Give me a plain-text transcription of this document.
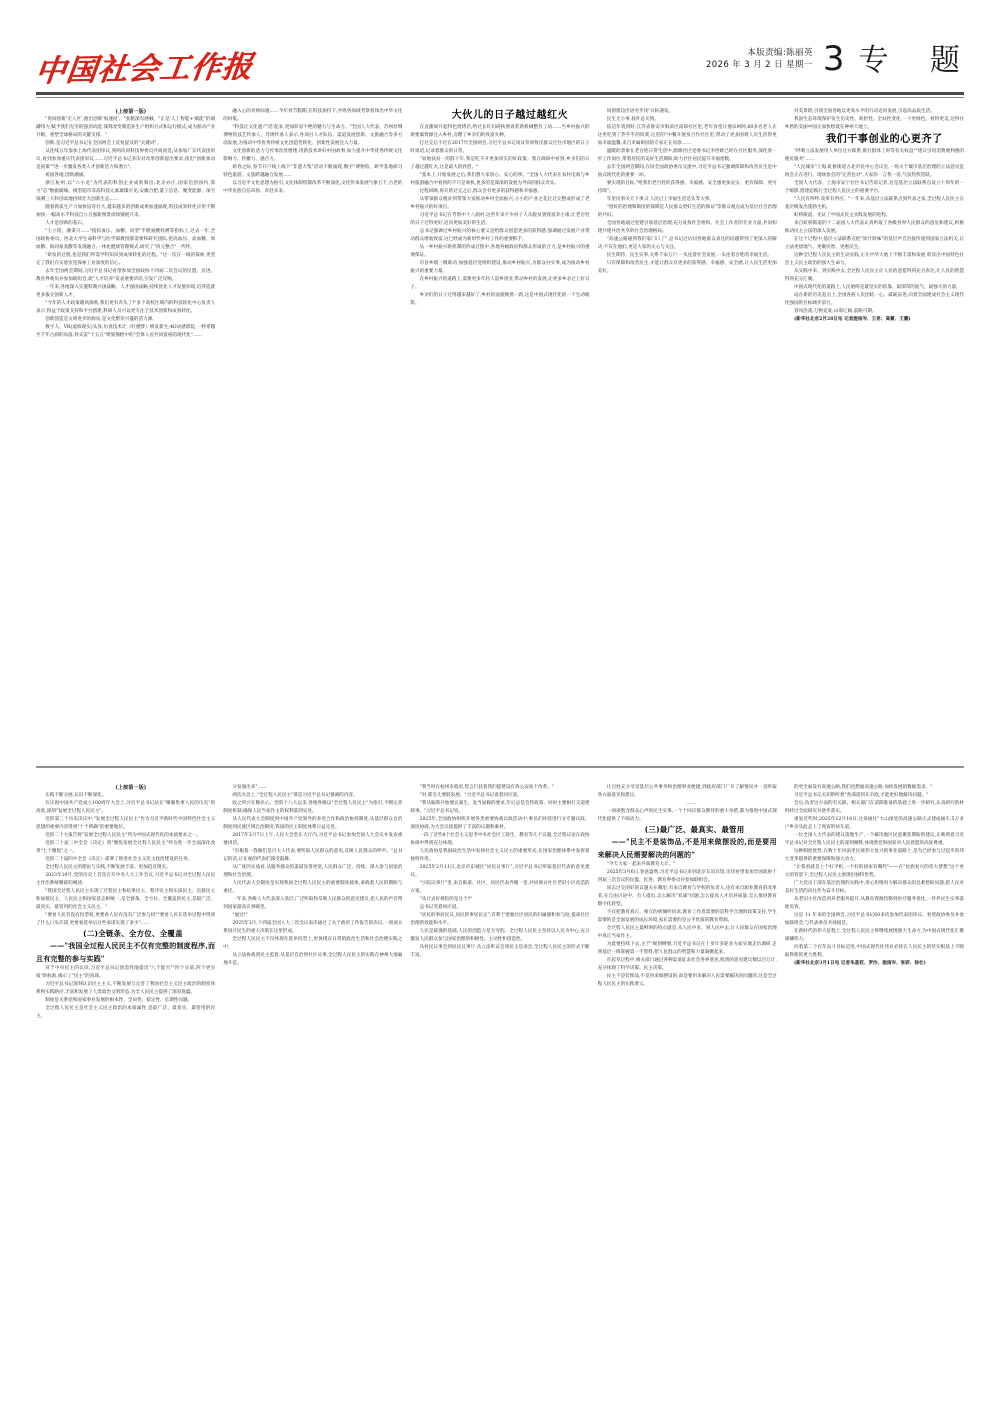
中国社会工作报	本版责编:陈丽英
2026 年 3 月 2 日 星期一 3 专 题

(上接第一版)

"勇闯创新'无人区',跑出创新'加速度'。"张帆深有感触。"正是'人工智能+'赋能"的磅礴伟力,赋予我们无穷的强劲动能,深刻改变制造业生产组织方式和运行模式,成为驱动产业升级、重塑全球格局的关键支撑。"

创新,是习近平总书记在全国两会上反复提及的"关键词"。

从连续五年参加上海代表团审议,到两次同科技界委员共商国是;从参加广东代表团审议,再到参加重庆代表团审议……习近平总书记多次对改革创新提出要求,指出"创新驱动是国策""进一步激发各类人才创新活力和潜力"。

祖国各地,创新潮涌。

浙江杭州,以"六小龙"为代表的科创企业成果频出;北京亦庄,国家信创园内,算力"芯"数据湖城、模型超市等高科技元素璀璨可见;安徽合肥,量子信息、聚变能源、深空探测三大科创高地持续壮大创新生态……

随着新质生产力加快培育壮大,越来越多的创新成果加速涌现,科技成果转化应用不断加快,一幅高水平科技自立自强新图景徐徐铺展开来。

人才是创新的基石。

"王立铭、潘秉兴……"指扣血压、血糖、同型"半胱氨酸检测等指标上,过去一年,全国政协委员、西北大学生命科学与医学部教授郝需要和研究团队,把高血压、高血糖、周血糖、海同氨基酸等发现融合,一体化健康管理模式,研究了"四元整合"一代呼。

"研发的过程,也是我们所需学科知识到成果转化的过程。"这一次在一线的探索,更坚定了我们在实验室里探索工业深度的信心。

去年全国两会期间,习近平总书记看望参加全国政协十四届二次会议的民盟、民进、教育界委员并参加联组会,就"人才培养"发表重要讲话,引发广泛反响。

一年来,各地深入实施科教兴国战略、人才强国战略,持续优化人才发展环境,培养造就更多拔尖创新人才。

"今年的人才政策暖风频吹,我们更有奔头了!"多个高校区域内的科技转化中心负责人表示,得益于政策支持和平台搭建,科研人员可以更专注于技术创新和成果转化。

创新创造是文明进步的源泉,是文化繁荣兴盛的活力源。

数字人、VR(虚拟现实)头显,仿真技术让《红楼梦》焕发新生;4D动感影院,一秒穿越至千年古刹的角落,样式雷"十五五"规划描绘中的"全体人民共同富裕的现代化"……

融入心的奇妙际遇……今年春节假期,在科技加持下,共鸣各领域考察客体出中华文化的时髦。

"科技让文化遗产'活'起来,更加彰显不绝的魅力与生命力。"全国人大代表、苏州丝绸博物馆技艺传承人、苏绣传承人表示,各项目人才队伍、渠道发展创新、文旅融合等多方面发展,为推动中华优秀传统文化创造性转化、创新性发展注入力量。

文化创新的活力与传承丝丝缕缕,用新技术讲好中国故事,加力提升中华优秀传统文化影响力、传播力、感召力。

新春之际,春节开户线上线下"非遗大集"活动不断涌现,数字"博物馆、研学基地研习特色旅游、文旅跨越融合发展……

以习近平文化思想为指引,文化体制机制改革不断深化,文化传承发展气象万千,古老的中华民族自信昂扬、奔赴未来。

大伙儿的日子越过越红火

在直播间开起特色烧烤店,给过长红妇碍执照再装新机械整作工坊……当乡村振兴的新要素资源注入乡村,点燃了乡亲们的致富火种。

打过完后不过在2017年全国两会,习近平总书记谈及草原牧民群众迁往市地区的日子时说话,记录着群众的日常。

"易地扶贫一的群干年,我是吃不开更加厚实的好政策。我在调研中看到,乡亲们的日子越过越红火,这是最大的欣慰。"

"基本上,开始发展之后,我们想大家放心、安心的事。"全国人大代表在农村电商与乡村旅游融合中看到的不只是商机,更多的是深深的发展为导向的群众奔头。

过程回顾,再开的过完之后,群众会有更多的获得感和幸福感。

从带领群众脱贫到带领大家推动乡村全面振兴,小小的产业之花过过完整成形成了老乡村振兴的好项目。

习近平总书记在考察中十八洞村,这些年来不少村子人从脱贫到致富奔小康,让老百姓的日子过得更好,迈向更加美好的生活。

总书记强调过乡村振兴的核心要义是给群众创造更多的获得感,强调通过发展产业带动群众增收致富,这已经成为新时代乡村工作的重要抓手。

从一乡村振兴新机制的形成过程中,各地各级政府和群众形成的合力,是乡村振兴的重要保证。

市县乡镇三级联动,加强基层党组织建设,推动乡村振兴,为群众办实事,成为推动乡村振兴的重要力量。

在乡村振兴的道路上,需要更多年轻人返乡创业,带动乡村的发展,让更多乡亲过上好日子。

乡亲们的日子过得越来越好了,乡村的面貌焕然一新,这是中国式现代化的一个生动缩影。

同窗窗边出居穷步伐"日标遇发。

民生无小事,枝叶总关情。

依迈年筑到时,江苏省淮安市海滨区南部社区里,老年食堂让他乐呵呵,60多名老人在这里吃到了热乎乎的饭菜,这里的"中餐开展身合作社区里,带动了更多困难人员生活得更加幸福温馨,来自市属街园的专家正在问诊……

温暖的景象在老百姓日常生活中,源源社区党委书记李西欧已经在社区服务,深化着一步工作岗位,带着居民的美好生活期盼,助力社区居民提升幸福指数。

去年全国两会期间,在同全国政协委员交流中,习近平总书记强调保障和改善民生是中国式现代化的重要一环。

要实现的目标,"给我们老百姓的获得感、幸福感、安全感更加充实、更有保障、更可持续"。

军里民事关天下事,让人民过上幸福生活是头等大事。

"创好的治理和制度的保障是人民群众更好生活的保证"等群众观点成为基层社会治理的共识。

全国各地通过党建引领基层治理,充分发挥社会组织、社会工作者的专业力量,共同构建共建共治共享的社会治理格局。

"高速公路通到我们家门口了",总书记过访问各地群众表达的问题得到了更深入的解决,不仅在他们,更是大家的关心与关注。

民生期待、民生实事,关系千家万户,一头连着社会发展,一头连着百姓的幸福生活。

只有保障和改善民生,才能让群众有更多的获得感、幸福感、安全感,让人民生活更加美好。

对美景堪,引领全国各地以更高水平的行动迈向发展,引起高品质生活。

我国生态环境保护发生历史性、转折性、全局性变化,一个更绿色、看得更美,这得住乡愁的美丽中国正加快绘就在神州大地上。

我们干事创业的心更齐了

"呼吸立法发展用人单位这方联系,推行群体工时等有关权益""建议引用消费便利惠的便民服务"……

"人民城市"上海,虹桥街道古北市民中心会议室,一场关于城市基层治理的立法意见征询会正在进行。现场参会的"完善包对",大家你一言我一语,气氛热烈活跃。

全国人大代表、上海市安宁社区书记告诉记者,这是基层立法联系点设立十周年的一个缩影,搭建起践行全过程人民民主的重要平台。

"人民有所呼,改革有所应。"一年来,从基层立法联系点到代表之家,全过程人民民主在基层焕发出蓬勃生机。

虹桥街道、见证了中国式民主实践发展的进程。

来自虹桥街道的十二届国人大代表认真听取了各级各界人民群众的意见和建议,积极推动民主立法的深入发展。

在这个过程中,基层立法联系点把"原汁原味"的基层声音直接传递到国家立法机关,让立法更接地气、更聚民智、更惠民生。

这种全过程人民民主的生动实践,正在中华大地上不断丰富和发展,彰显出中国特色社会主义民主政治的强大生命力。

从实践中来、到实践中去,全过程人民民主让人民的意愿得到充分表达,让人民的智慧得到充分汇聚。

中国式现代化的道路上,人民始终是最坚实的依靠、最深厚的底气、最强大的力量。

站在新的历史起点上,全国各族人民团结一心、砥砺奋进,向着全面建成社会主义现代化强国的目标阔步前行。

春风浩荡,万物竞发;山海辽阔,前路可期。

(新华社北京2月28日电 记者施雨岑、王希、高蕾、王鹏)

(上接第一版)

实践不断分展,认识不断深化。

在庆祝中国共产党成立100周年大会上,习近平总书记站在"聚聚集事人民的历史"的高度,深刻"发展全过程人民民主"。

党的第三个历史决议中,"发展全过程人民民主"作为习近平新时代中国特色社会主义思想的重要内容得到"十个明确"的重要地位。

党的二十大报告将"发展全过程人民民主"列为中国式现代化的本质要求之一。

党的二十届三中全会《决定》将"聚焦发展全过程人民民主"列为进一步全面深化改革"七个聚焦"之一。

党的二十届四中全会《决定》部署了推进社会主义民主政治建设的任务。

全过程人民民主的理论与实践,不断发展丰富、更加趋近现实。

2023年10月,党的历史上首次召开中央人大工作会议,习近平总书记对全过程人民民主作出系统精辟的阐述:

"我国全过程人民民主实现了过程民主和结果民主、程序民主和实质民主、直接民主和间接民主、人民民主和国家意志相统一,是全链条、全方位、全覆盖的民主,是最广泛、最真实、最管用的社会主义民主。"

"要看人民有没有投票权,更要看人民有没有广泛参与权""要看人民在选举过程中得到了什么口头许诺,更要看选举后这些承诺实现了多少"……

(二)全链条、全方位、全覆盖

——"我国全过程人民民主不仅有完整的制度程序,而且有完整的参与实践"

对于中央民主的认识,习近平总书记创造性地提出"八个能否""四个实质,四个更实质"的标准,揭示了"民主"的真谛。

习近平总书记深刻认识民主主义,不断发展与完善了我国社会主义民主政治的制度体系和实践路径,丰富和发展了人类政治文明形态,为全人民民主提供了深厚底蕴。

制度是关系党和国家事业发展的根本性、全局性、稳定性、长期性问题。

全过程人民民主是社会主义民主政治的本质属性,是最广泛、最真实、最管用的民主。

分发演出来"……

两次火急上,"全过程人民民主"那是习近平总书记强调的内容。

政之所兴在顺民心。党的十八大以来,各地各级以"全过程人民民主"为指引,不断完善制度机制,确保人民当家作主的权利落到实处。

从人民代表大会制度到中国共产党领导的多党合作和政治协商制度,从基层群众自治制度到民族区域自治制度,我国的民主制度体系日益完善。

2017年3月7日上午,人民大会堂东大厅内,习近平总书记参加全国人大会议并发表重要讲话。

"有根基一我做们是百大人代表,要听取人民群众的意见,反映人民群众的呼声。"总书记的话,让在座的代表们深受鼓舞。

从广度的实质看,从服务群众的渠道显著更宽,人民群众广泛、持续、深入参与国家治理和社会治理。

人民代表大会制度是实现我国全过程人民民主的重要制度载体,承载着人民的期盼与重托。

一年来,各级人大代表深入基层,广泛听取和反映人民群众的意见建议,把人民的声音带到国家最高议事殿堂。

"通过!"

2025年3月,十四届全国人大三次会议表决通过了关于政府工作报告的决议,一项项关系国计民生的重大决策在这里形成。

全过程人民民主不仅体现在选举投票上,更体现在日常的政治生活和社会治理实践之中。

从立法协商到民主监督,从基层自治到社区议事,全过程人民民主的实践在神州大地遍地开花。

"我当时在杭州市政府,您言行获着我们提建设有效公安而个改革。"

"对,那会儿要联发展。"习近平总书记谈着回应道。

"我从编算开始便议案生、发当届修的要求,年后总是会管政策、同时主要相打交道建联事。"习近平总书记说。

2025年,全国政协组织开展各类重要协商议政活动中,委员们环绕进行分专题议政、深度协商,为大会议政提供了丰富的议题和素材。

一段了近些8个社会主义思考中央社会区工商生、教育等几个议题,全过程议论在政协协商中得到充分体现。

人民政协是我国政治生活中发扬社会主义民主的重要形式,在国家治理体系中发挥着独特作用。

2025年2月11日,北京市东城区"居民议事厅",习近平总书记听取基层代表的意见建议。

"小院议事厅"里,来自街道、社区、居民代表齐聚一堂,共同商讨社区老旧小区改造的方案。

"从计去好规矩的是这个?"

总书记笑着回应道。

"居民的事居民议,居民的事居民定",有利于增强社区居民的归属感和参与度,提高社区治理的效能和水平。

人民是最强的基础,人民的创造力是无穷的。全过程人民民主坚持以人民为中心,充分激发人民群众参与国家治理的积极性、主动性和创造性。

从村民议事会到居民议事厅,从立法听证会到民主恳谈会,全过程人民民主的形式不断丰富。

让百姓充分享受基层公共事务和治理事业便捷,到政府部门厂开了解情况并一直听取各方面意见和建议。

……

一项项饱含群众心声的民生实事,一个个回应群众期待的重大举措,都为推进中国式现代化提供了不竭动力。

(三)最广泛、最真实、最管用

——"民主不是装饰品,不是用来做摆设的,而是要用来解决人民需要解决的问题的"

"今天大家一起来共商教育大计。"

2025年3月6日,春意盎然,习近平总书记来到北京友谊宾馆,亲切看望参加全国政协十四届三次会议的民盟、民进、教育界委员并参加联组会。

同志过完的好的议题关在哪里,有来自教育与学校的负责人,也有来自职业教育的改革者,在自由讨论中、有人提出,怎么解决"双减"问题,怎么提高人才培养质量,怎么推进教育数字化转型。

不仅把教育真正、相互的被倾听诉求,教育工作者需要的是科学合理的政策支持,学生需要的是全面发展的成长环境,家长需要的是公平优质的教育资源。

全过程人民民主最鲜明的特点就是,从人民中来、到人民中去,让人民群众在国家治理中真正当家作主。

为此要持续下去,关于"规划纲要,习近平总书记在十多年多轮多方面实地走访调研,走到基层一线掌握第一手资料,把人民群众的智慧和力量凝聚起来。

在起草过程中,相关部门通过各种渠道征求社会各界意见,收到的意见建议数以百万计,充分体现了科学决策、民主决策。

民主不是装饰品,不是用来做摆设的,而是要用来解决人民需要解决的问题的,这是全过程人民民主的实践要义。

的更全面没有高速公路,我们也想通高速公路,加快发展的数据需求。"

习近平总书记关切聆听着"各部需到在市政,才能更好地解决问题。"

会后,负责这方面的有关职、相关部门在前期准备的基础上进一步研究,认真研究的材料经过全面研究并逐步落实。

重复近些时,2025年12月18日,这条通往"大山深处的高速公路正式建成通车,5万多户乡亲从此走上了致富的快车道。

一位全国人大代表的建议落地生产,一个解决地区民意聚焦期盼的建议,正映照着习近平总书记对全过程人民民主的深刻阐释,体现着党和国家对人民意愿的高度尊重。

这种制度优势,在数十年风雨里民族伟大复兴的事业道路上,是为已经参与过起步的伟大变革提供的重要保障和强大动力。

"让我看就是上个好平机,一个好的国家有哪些"——在"民族复兴的伟大梦想"这个更大的背景下,全过程人民民主展现出独特优势。

广大党员干部在基层治理的实践中,用心用情用力解决群众的急难愁盼问题,把人民对美好生活的向往作为奋斗目标。

从老旧小区改造到养老服务提升,从教育资源均衡到医疗服务优化,一件件民生实事落地见效。

这是 11 年来的全国两会,习近平总书记60多次参加代表团审议、看望政协委员并参加联组会,与代表委员共商国是。

在新时代的伟大征程上,全过程人民民主将继续展现强大生命力,为中国式现代化汇聚磅礴伟力。

向着第二个百年奋斗目标迈进,中国式现代化伟业必将在人民民主的坚实根基上不断取得新的更大胜利。

(新华社北京3月1日电 记者朱基钗、罗沙、施雨岑、张研、徐壮)
